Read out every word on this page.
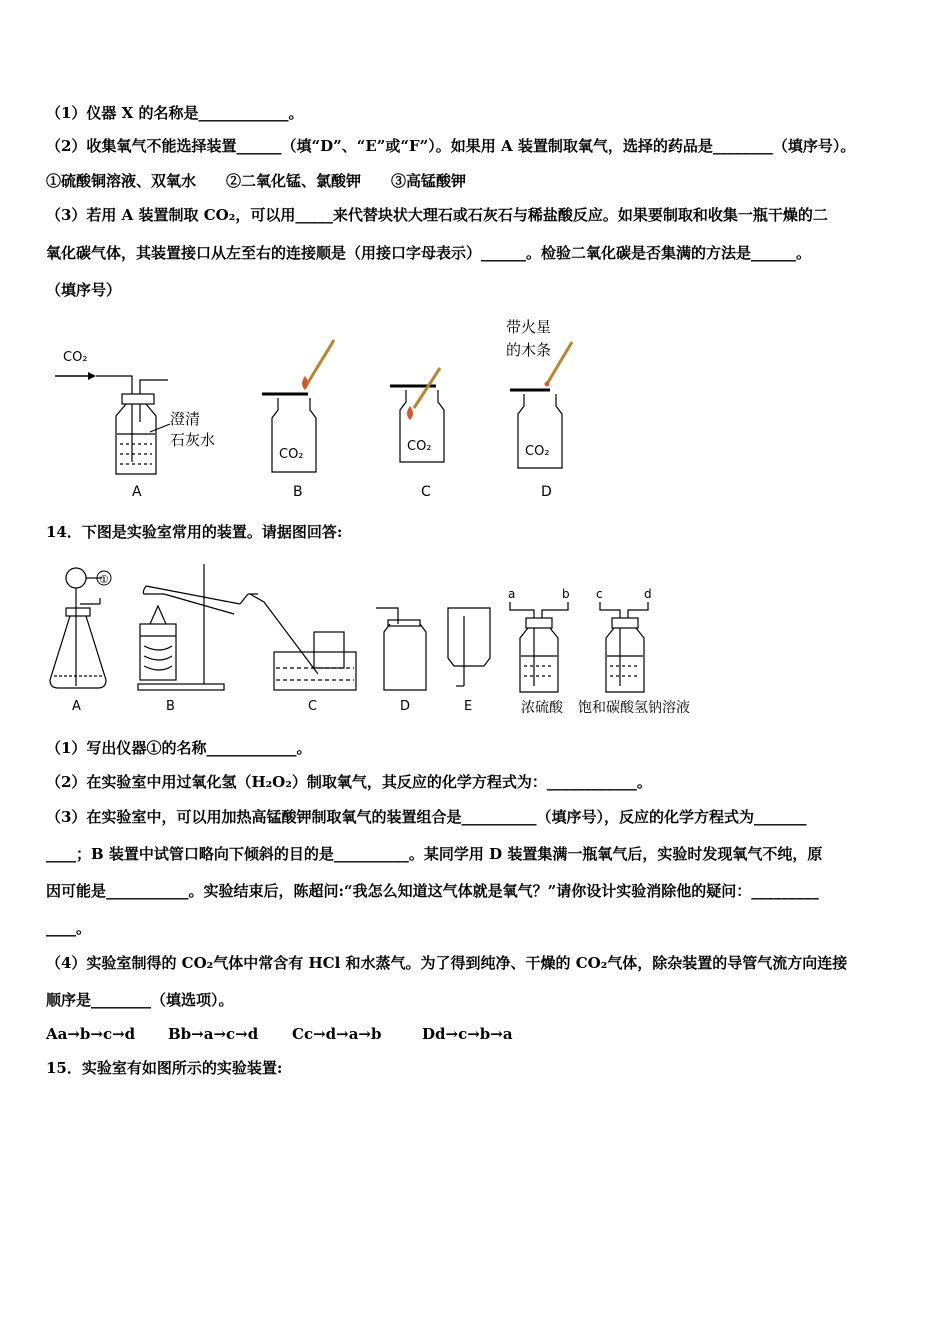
（1）仪器 X 的名称是____________。
（2）收集氧气不能选择装置______（填“D”、“E”或“F”）。如果用 A 装置制取氧气，选择的药品是________（填序号）。
①硫酸铜溶液、双氧水　　②二氧化锰、氯酸钾　　③高锰酸钾
（3）若用 A 装置制取 CO₂，可以用_____来代替块状大理石或石灰石与稀盐酸反应。如果要制取和收集一瓶干燥的二
氧化碳气体，其装置接口从左至右的连接顺是（用接口字母表示）______。检验二氧化碳是否集满的方法是______。
（填序号）
CO₂
澄清
石灰水
A
CO₂
B
CO₂
C
带火星
的木条
CO₂
D
14．下图是实验室常用的装置。请据图回答:
①
A	B	C	D	E
a	b
浓硫酸
c	d
饱和碳酸氢钠溶液
（1）写出仪器①的名称____________。
（2）在实验室中用过氧化氢（H₂O₂）制取氧气，其反应的化学方程式为：____________。
（3）在实验室中，可以用加热高锰酸钾制取氧气的装置组合是__________（填序号），反应的化学方程式为_______
____；B 装置中试管口略向下倾斜的目的是__________。某同学用 D 装置集满一瓶氧气后，实验时发现氧气不纯，原
因可能是___________。实验结束后，陈超问:“我怎么知道这气体就是氧气？”请你设计实验消除他的疑问：_________
____。
（4）实验室制得的 CO₂气体中常含有 HCl 和水蒸气。为了得到纯净、干燥的 CO₂气体，除杂装置的导管气流方向连接
顺序是________（填选项）。
Aa→b→c→d Bb→a→c→d Cc→d→a→b	Dd→c→b→a
15．实验室有如图所示的实验装置:
